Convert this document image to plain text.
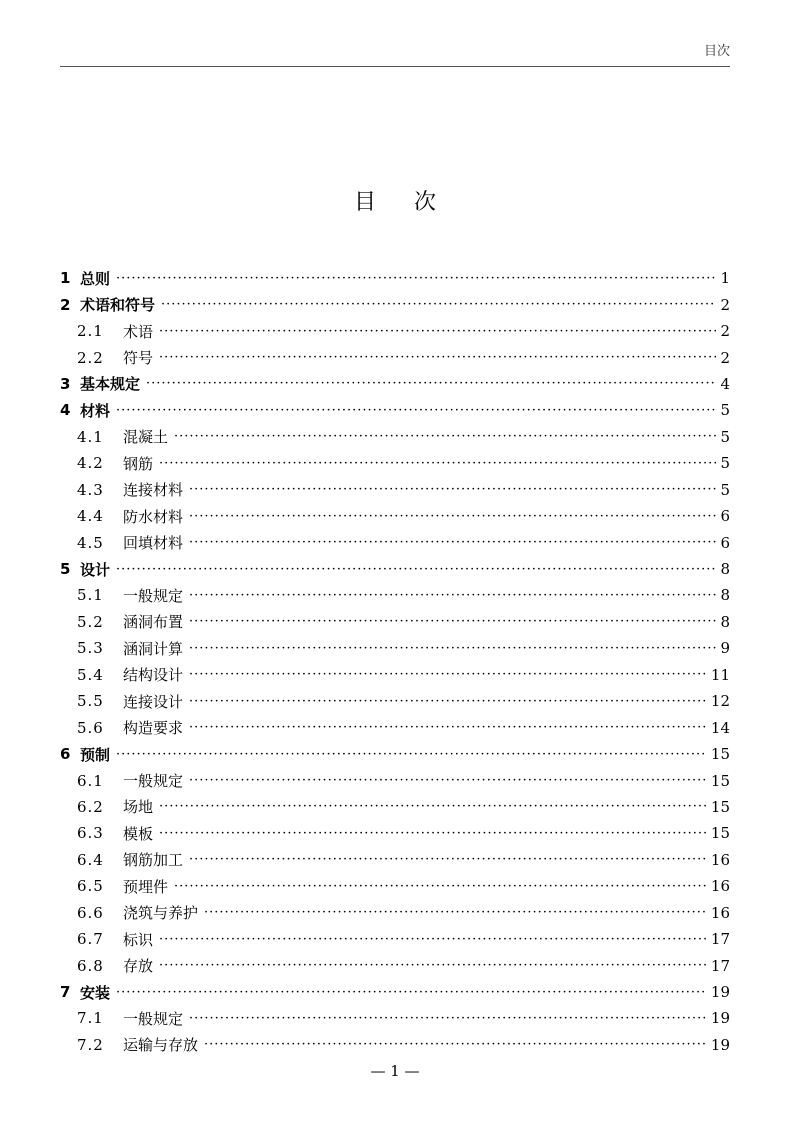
目次
目次
1 总则 ·····	1
2 术语和符号 ·····	2
2.1	术语 ·····	2
2.2	符号 ·····	2
3 基本规定 ·····	4
4 材料 ·····	5
4.1	混凝土 ·····	5
4.2	钢筋 ·····	5
4.3	连接材料 ·····	5
4.4	防水材料 ·····	6
4.5	回填材料 ·····	6
5 设计 ·····	8
5.1	一般规定 ·····	8
5.2	涵洞布置 ·····	8
5.3	涵洞计算 ·····	9
5.4	结构设计 ·····	11
5.5	连接设计 ·····	12
5.6	构造要求 ·····	14
6 预制 ·····	15
6.1	一般规定 ·····	15
6.2	场地 ·····	15
6.3	模板 ·····	15
6.4	钢筋加工 ·····	16
6.5	预埋件 ·····	16
6.6	浇筑与养护 ·····	16
6.7	标识 ·····	17
6.8	存放 ·····	17
7 安装 ·····	19
7.1	一般规定 ·····	19
7.2	运输与存放 ·····	19
— 1 —
